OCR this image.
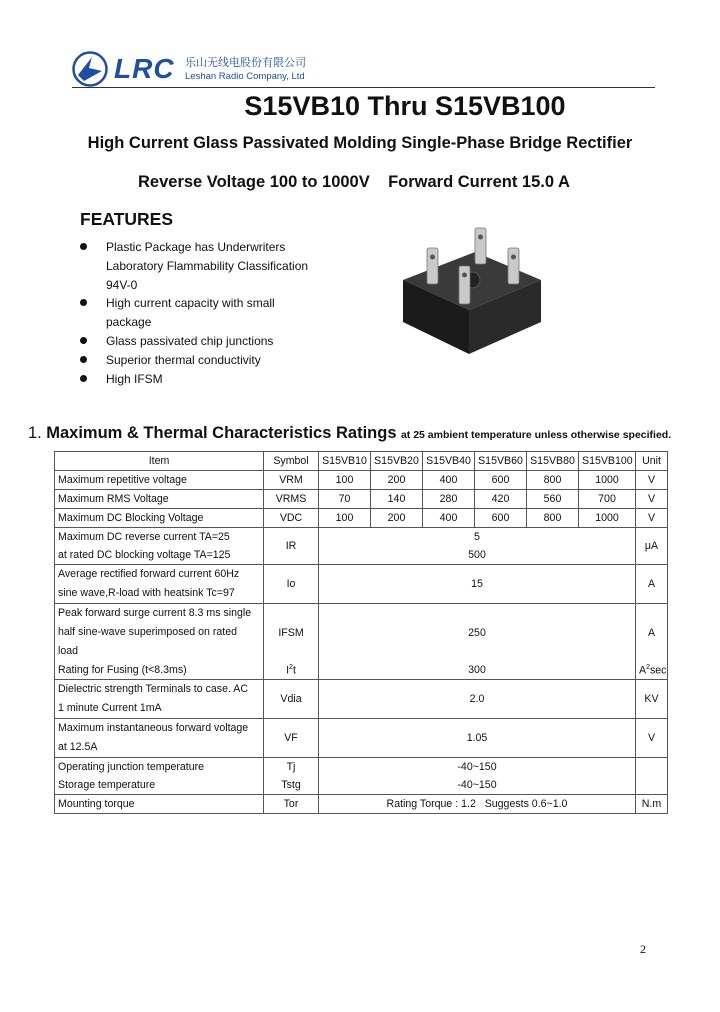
LRC 乐山无线电股份有限公司
Leshan Radio Company, Ltd
S15VB10 Thru S15VB100
High Current Glass Passivated Molding Single-Phase Bridge Rectifier
Reverse Voltage 100 to 1000V    Forward Current 15.0 A
FEATURES
Plastic Package has Underwriters Laboratory Flammability Classification 94V-0
High current capacity with small package
Glass passivated chip junctions
Superior thermal conductivity
High IFSM
1. Maximum & Thermal Characteristics Ratings at 25 ambient temperature unless otherwise specified.
Item	Symbol	S15VB10	S15VB20	S15VB40	S15VB60	S15VB80	S15VB100	Unit
Maximum repetitive voltage	VRM	100	200	400	600	800	1000	V
Maximum RMS Voltage	VRMS	70	140	280	420	560	700	V
Maximum DC Blocking Voltage	VDC	100	200	400	600	800	1000	V
Maximum DC reverse current TA=25	IR	5						μA
at rated DC blocking voltage TA=125		500						
Average rectified forward current 60Hz
sine wave,R-load with heatsink Tc=97	Io	15						A
Peak forward surge current 8.3 ms single
half sine-wave superimposed on rated
load	IFSM	250						A
Rating for Fusing (t<8.3ms)	$I^2t$	300						$A^2\sec$
Dielectric strength Terminals to case. AC
1 minute Current 1mA	Vdia	2.0						KV
Maximum instantaneous forward voltage
at 12.5A	VF	1.05						V
Operating junction temperature	Tj	-40~150						
Storage temperature	Tstg	-40~150						
Mounting torque	Tor	Rating Torque : 1.2   Suggests 0.6~1.0						N.m
2
